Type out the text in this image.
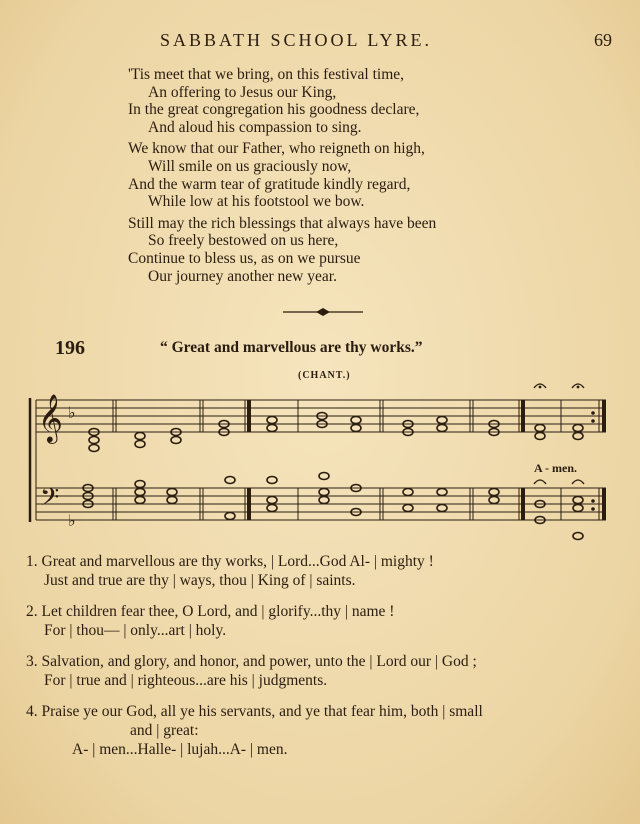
SABBATH SCHOOL LYRE.	69
'Tis meet that we bring, on this festival time,
An offering to Jesus our King,
In the great congregation his goodness declare,
And aloud his compassion to sing.
We know that our Father, who reigneth on high,
Will smile on us graciously now,
And the warm tear of gratitude kindly regard,
While low at his footstool we bow.
Still may the rich blessings that always have been
So freely bestowed on us here,
Continue to bless us, as on we pursue
Our journey another new year.
196	“ Great and marvellous are thy works.”
(CHANT.)
𝄞
𝄢
♭
♭
A - men.
1. Great and marvellous are thy works, | Lord...God Al- | mighty !
Just and true are thy | ways, thou | King of | saints.
2. Let children fear thee, O Lord, and | glorify...thy | name !
For | thou— | only...art | holy.
3. Salvation, and glory, and honor, and power, unto the | Lord our | God ;
For | true and | righteous...are his | judgments.
4. Praise ye our God, all ye his servants, and ye that fear him, both | small
and | great:
A- | men...Halle- | lujah...A- | men.
